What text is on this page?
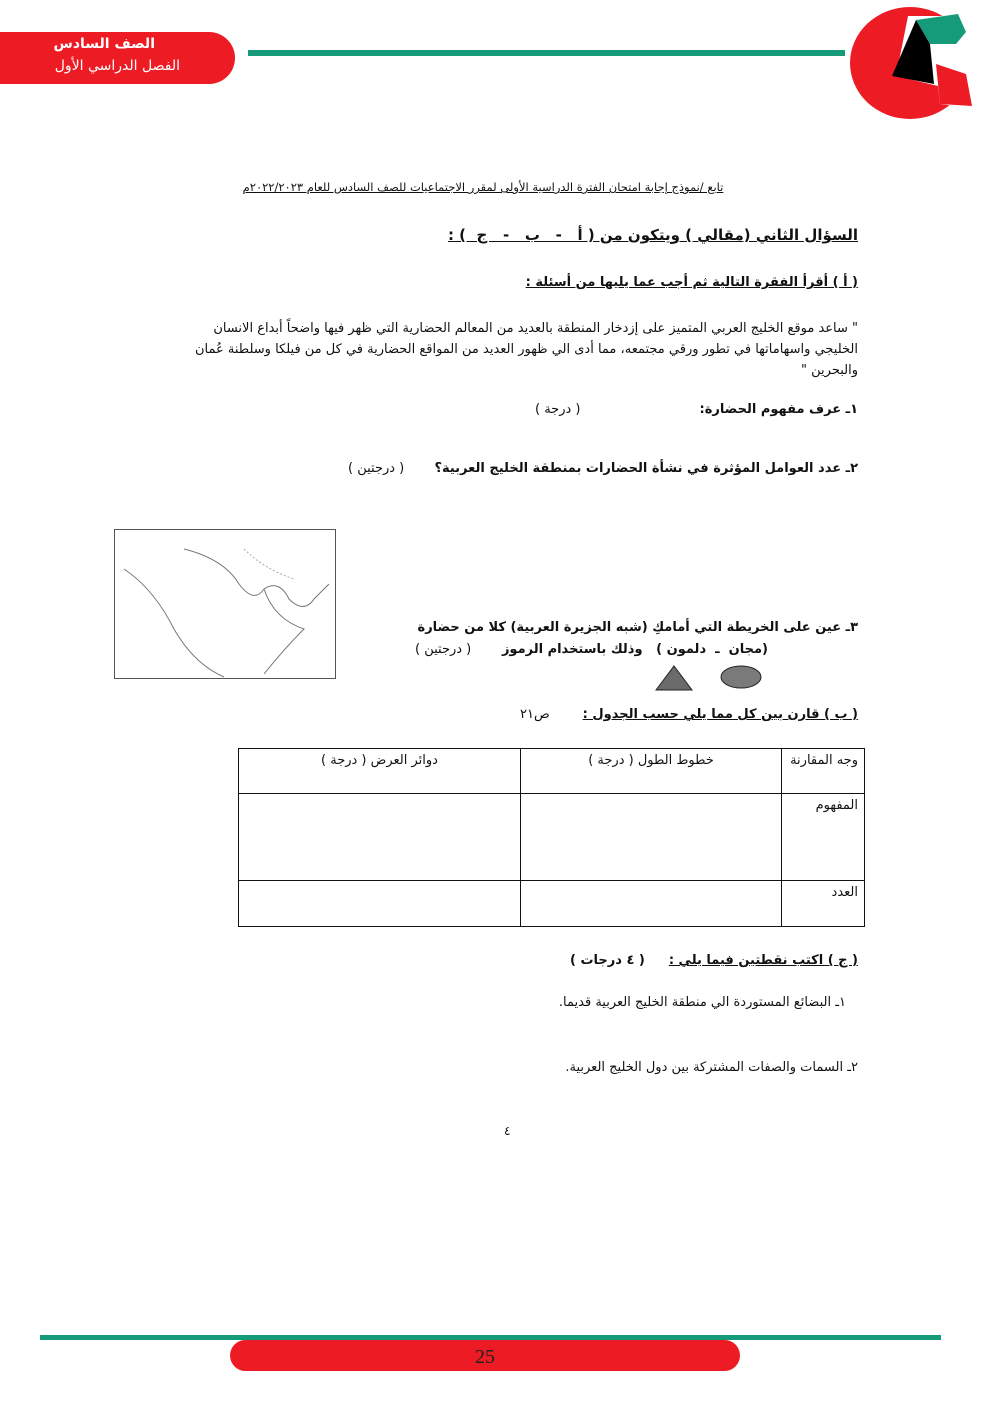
الصف السادس
الفصل الدراسي الأول
تابع /نموذج إجابة امتحان الفترة الدراسية الأولى لمقرر الاجتماعيات للصف السادس للعام ٢٠٢٢/٢٠٢٣م
السؤال الثاني (مقالي ) ويتكون من ( أ   -   ب   -   ج  ) :
( أ ) أقرأ الفقرة التالية ثم أجب عما يليها من أسئلة :
" ساعد موقع الخليج العربي المتميز على إزدخار المنطقة بالعديد من المعالم الحضارية التي ظهر فيها واضحاً أبداع الانسان الخليجي واسهاماتها في تطور ورقي مجتمعه، مما أدى الي ظهور العديد من المواقع الحضارية في كل من فيلكا وسلطنة عُمان والبحرين "
١ـ عرف مفهوم الحضارة:
( درجة )
٢ـ عدد العوامل المؤثرة في نشأة الحضارات بمنطقة الخليج العربية؟
( درجتين )
٣ـ عين على الخريطة التي أمامكِ (شبه الجزيرة العربية) كلا من حضارة
(مجان  ـ  دلمون )   وذلك باستخدام الرموز
( درجتين )
( ب ) قارن بين كل مما يلي حسب الجدول :
ص٢١
وجه المقارنة	خطوط الطول ( درجة )	دوائر العرض ( درجة )
المفهوم		
العدد		
( ج ) اكتب نقطتين فيما يلي :
( ٤ درجات )
١ـ البضائع المستوردة الي منطقة الخليج العربية قديما.
٢ـ السمات والصفات المشتركة بين دول الخليج العربية.
٤
25
